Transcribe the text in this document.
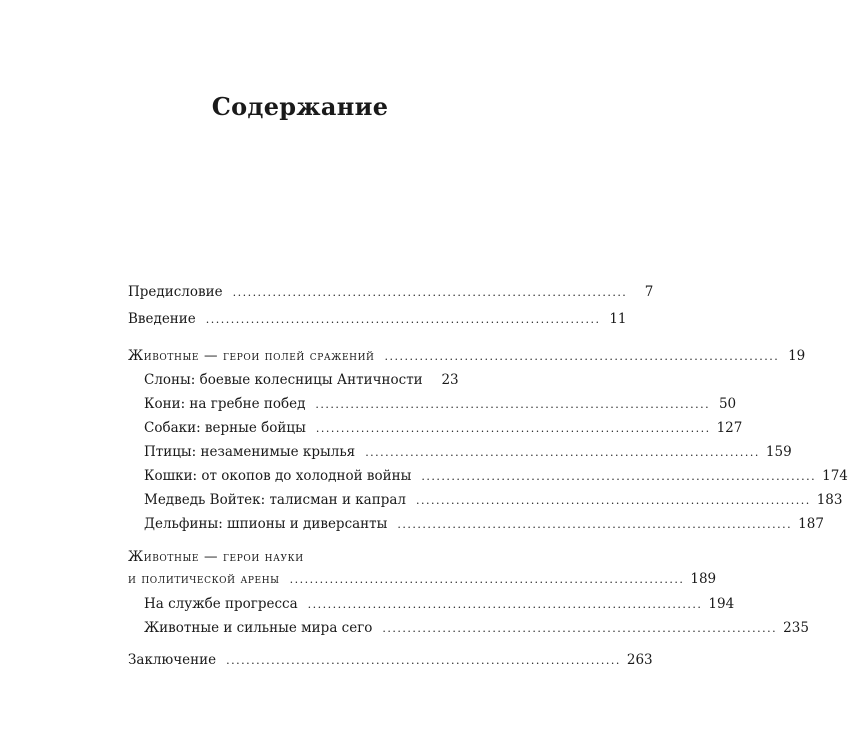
Содержание
Предисловие ...............................................................................	7
Введение ............................................................................... 11
Животные — герои полей сражений ............................................................................... 19
Слоны: боевые колесницы Античности 23
Кони: на гребне побед ............................................................................... 50
Собаки: верные бойцы ............................................................................... 127
Птицы: незаменимые крылья ............................................................................... 159
Кошки: от окопов до холодной войны ............................................................................... 174
Медведь Войтек: талисман и капрал ............................................................................... 183
Дельфины: шпионы и диверсанты ............................................................................... 187
Животные — герои науки
и политической арены ............................................................................... 189
На службе прогресса ............................................................................... 194
Животные и сильные мира сего ............................................................................... 235
Заключение ............................................................................... 263
